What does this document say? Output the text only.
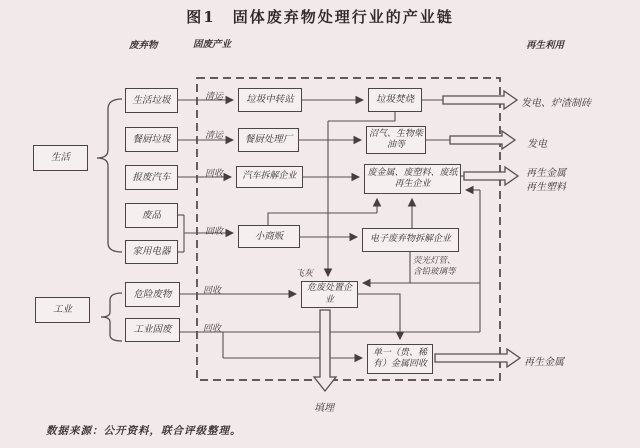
图1　固体废弃物处理行业的产业链
废弃物	固废产业	再生利用
生活
工业
生活垃圾
餐厨垃圾
报废汽车
废品
家用电器
危险废物
工业固废
垃圾中转站
餐厨处理厂
汽车拆解企业
小商贩
危废处置企业
垃圾焚烧
沼气、生物柴油等
废金属、废塑料、废纸再生企业
电子废弃物拆解企业
单一（贵、稀有）金属回收
清运
清运
回收
回收
回收
回收
飞灰
荧光灯管、
含铅玻璃等
填埋
发电、炉渣制砖
发电
再生金属
再生塑料
再生金属
数据来源：公开资料，联合评级整理。
